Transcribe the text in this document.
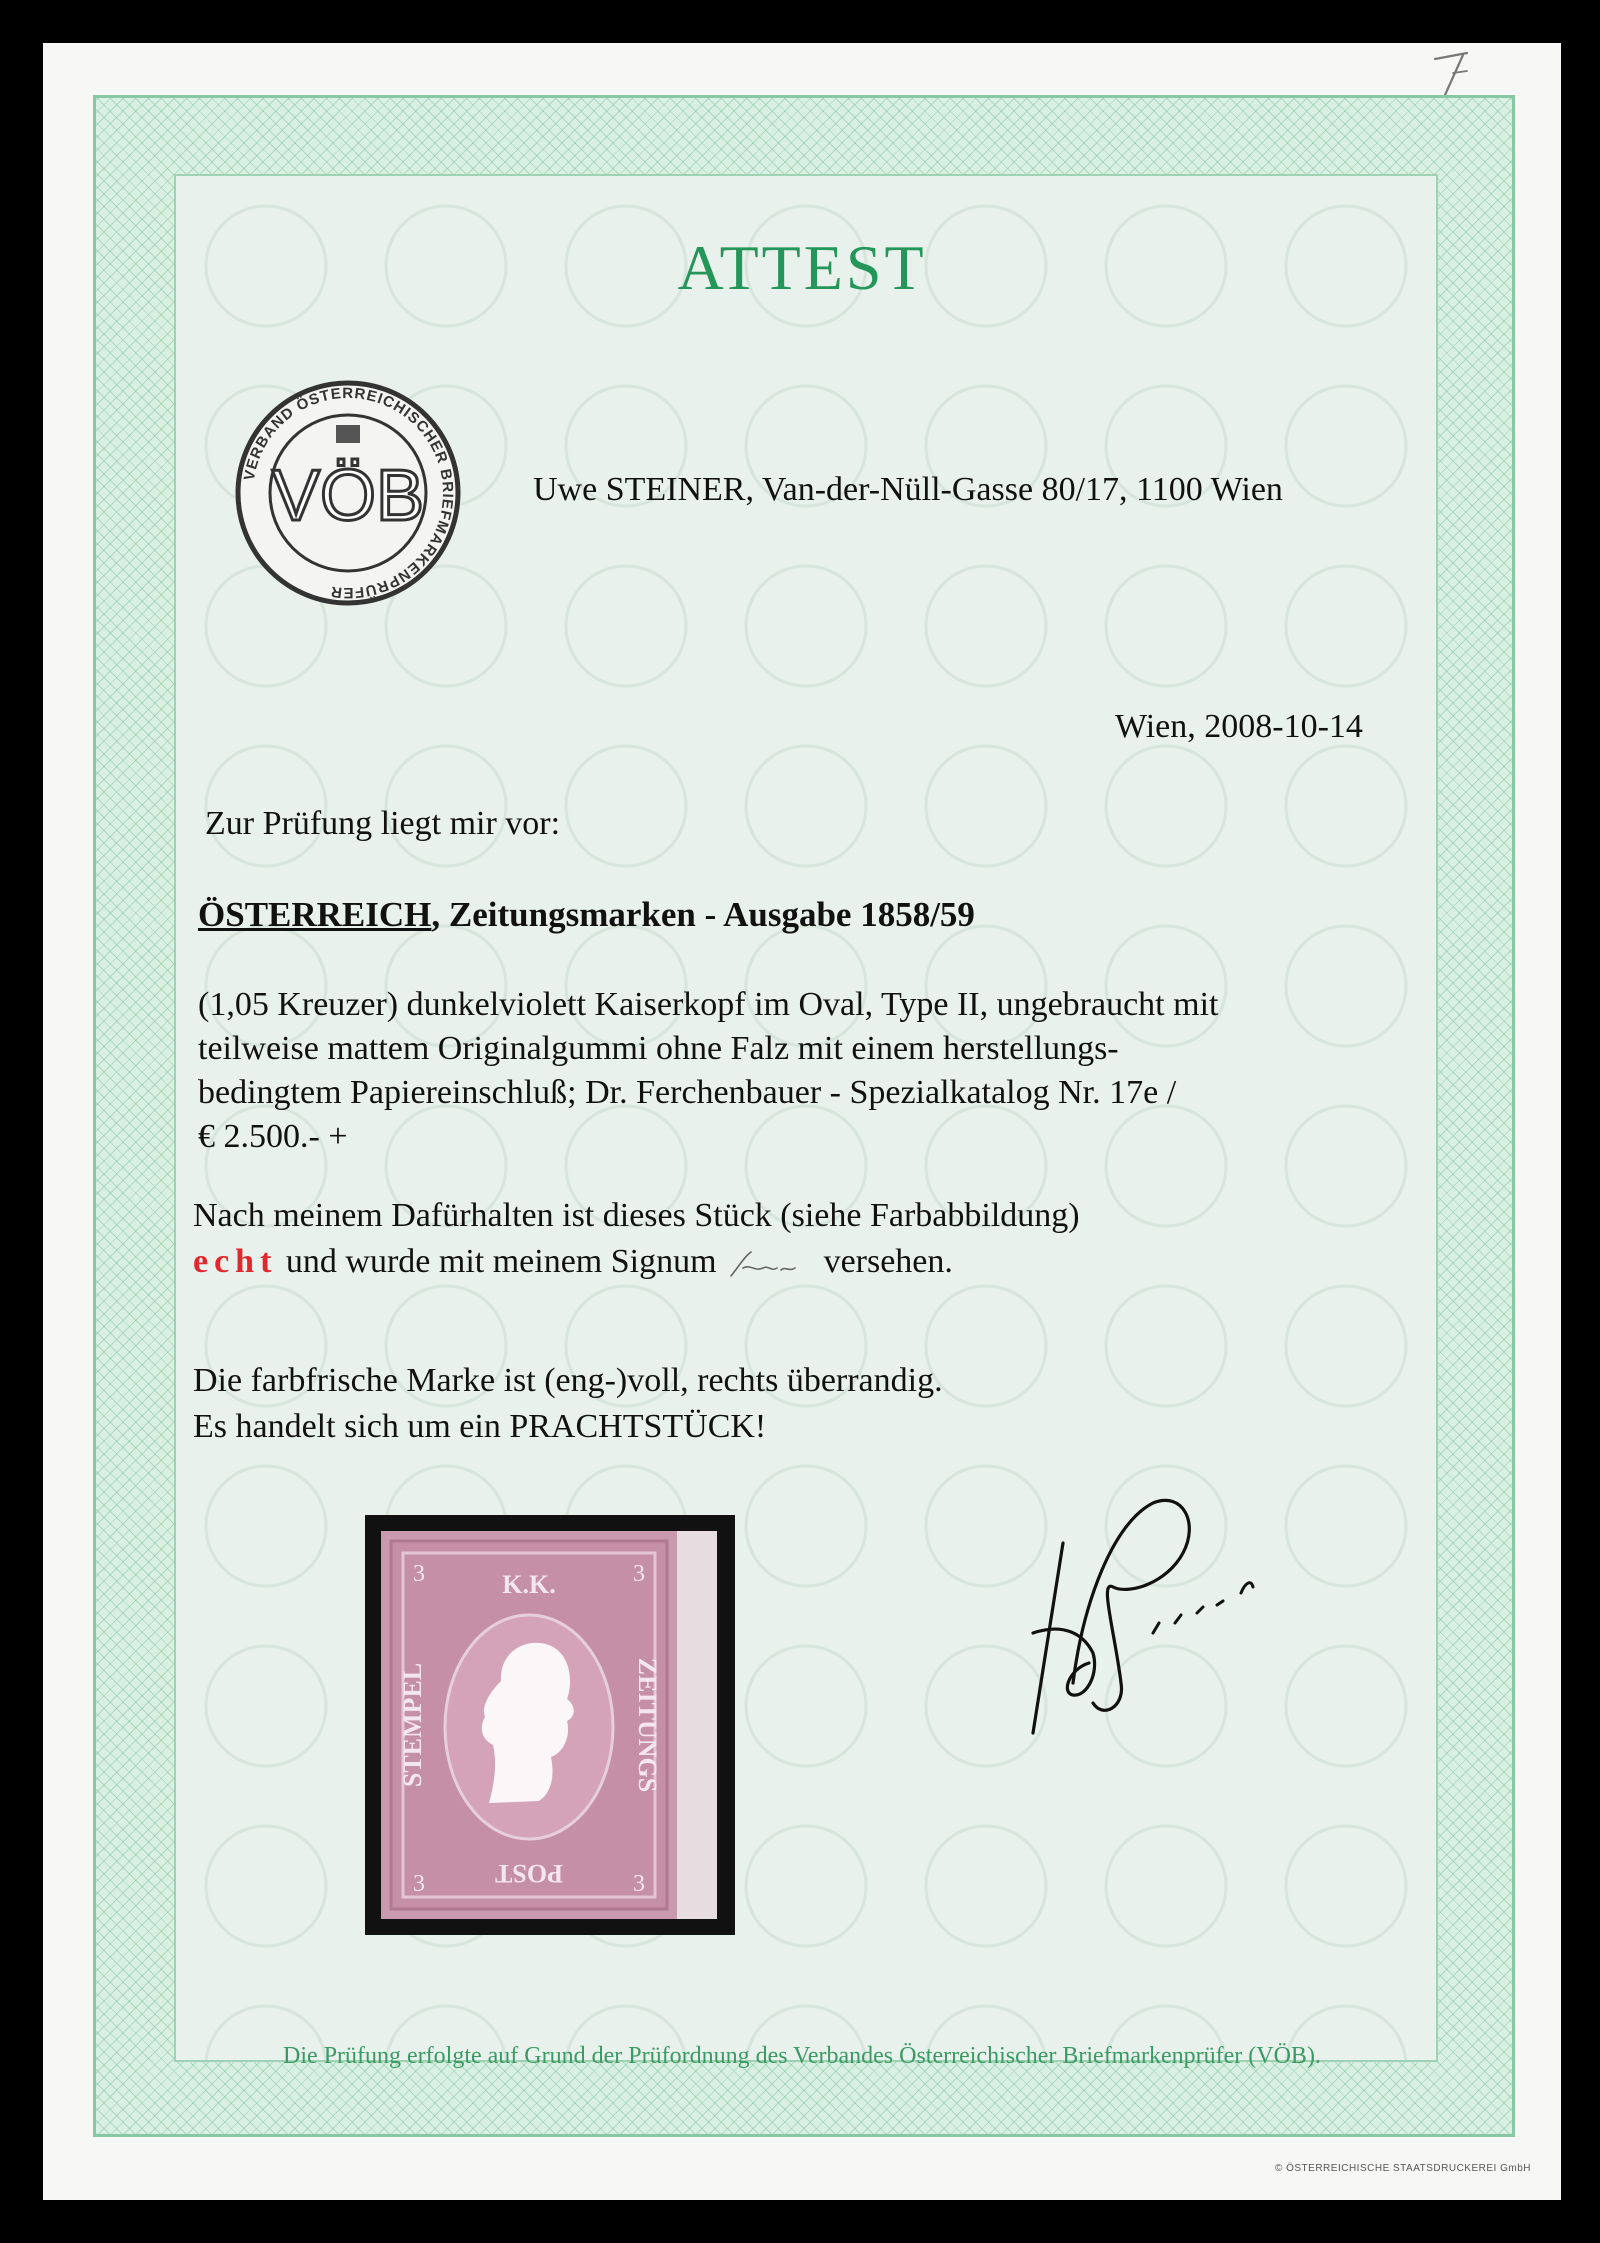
ATTEST
VERBAND ÖSTERREICHISCHER BRIEFMARKENPRÜFER
VÖB	Uwe STEINER, Van-der-Nüll-Gasse 80/17, 1100 Wien
Wien, 2008-10-14
Zur Prüfung liegt mir vor:
ÖSTERREICH, Zeitungsmarken - Ausgabe 1858/59
(1,05 Kreuzer) dunkelviolett Kaiserkopf im Oval, Type II, ungebraucht mit
teilweise mattem Originalgummi ohne Falz mit einem herstellungs-
bedingtem Papiereinschluß; Dr. Ferchenbauer - Spezialkatalog Nr. 17e /
€ 2.500.- +
Nach meinem Dafürhalten ist dieses Stück (siehe Farbabbildung)
echt und wurde mit meinem Signum	versehen.
Die farbfrische Marke ist (eng-)voll, rechts überrandig.
Es handelt sich um ein PRACHTSTÜCK!
K.K.
POST
ZEITUNGS
STEMPEL
3	3
3	3
Die Prüfung erfolgte auf Grund der Prüfordnung des Verbandes Österreichischer Briefmarkenprüfer (VÖB).
© ÖSTERREICHISCHE STAATSDRUCKEREI GmbH
